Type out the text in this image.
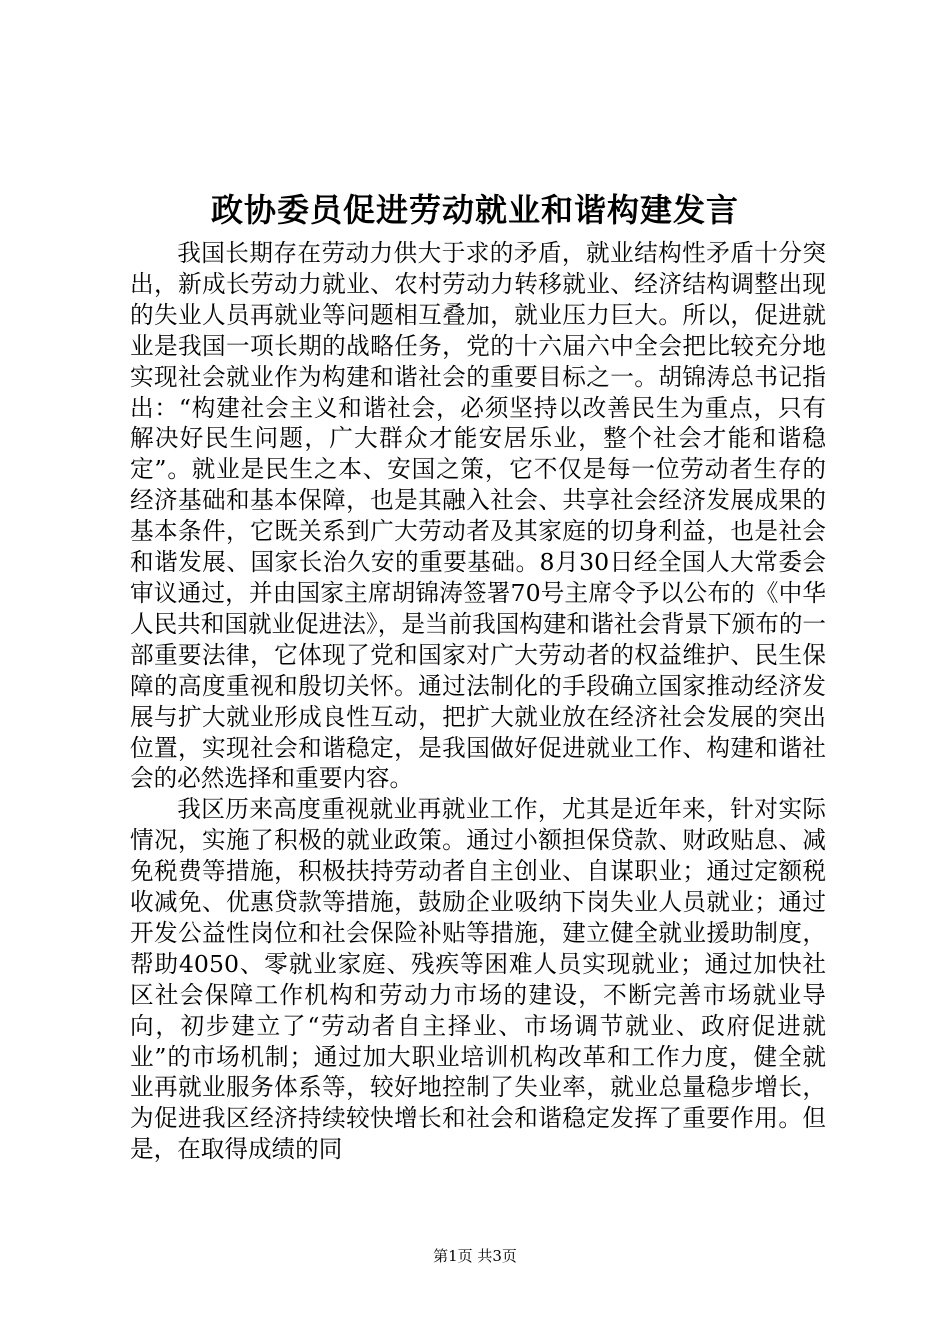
政协委员促进劳动就业和谐构建发言

我国长期存在劳动力供大于求的矛盾，就业结构性矛盾十分突出，新成长劳动力就业、农村劳动力转移就业、经济结构调整出现的失业人员再就业等问题相互叠加，就业压力巨大。所以，促进就业是我国一项长期的战略任务，党的十六届六中全会把比较充分地实现社会就业作为构建和谐社会的重要目标之一。胡锦涛总书记指出：“构建社会主义和谐社会，必须坚持以改善民生为重点，只有解决好民生问题，广大群众才能安居乐业，整个社会才能和谐稳定”。就业是民生之本、安国之策，它不仅是每一位劳动者生存的经济基础和基本保障，也是其融入社会、共享社会经济发展成果的基本条件，它既关系到广大劳动者及其家庭的切身利益，也是社会和谐发展、国家长治久安的重要基础。8月30日经全国人大常委会审议通过，并由国家主席胡锦涛签署70号主席令予以公布的《中华人民共和国就业促进法》，是当前我国构建和谐社会背景下颁布的一部重要法律，它体现了党和国家对广大劳动者的权益维护、民生保障的高度重视和殷切关怀。通过法制化的手段确立国家推动经济发展与扩大就业形成良性互动，把扩大就业放在经济社会发展的突出位置，实现社会和谐稳定，是我国做好促进就业工作、构建和谐社会的必然选择和重要内容。

我区历来高度重视就业再就业工作，尤其是近年来，针对实际情况，实施了积极的就业政策。通过小额担保贷款、财政贴息、减免税费等措施，积极扶持劳动者自主创业、自谋职业；通过定额税收减免、优惠贷款等措施，鼓励企业吸纳下岗失业人员就业；通过开发公益性岗位和社会保险补贴等措施，建立健全就业援助制度，帮助4050、零就业家庭、残疾等困难人员实现就业；通过加快社区社会保障工作机构和劳动力市场的建设，不断完善市场就业导向，初步建立了“劳动者自主择业、市场调节就业、政府促进就业”的市场机制；通过加大职业培训机构改革和工作力度，健全就业再就业服务体系等，较好地控制了失业率，就业总量稳步增长，为促进我区经济持续较快增长和社会和谐稳定发挥了重要作用。但是，在取得成绩的同

第1页 共3页
